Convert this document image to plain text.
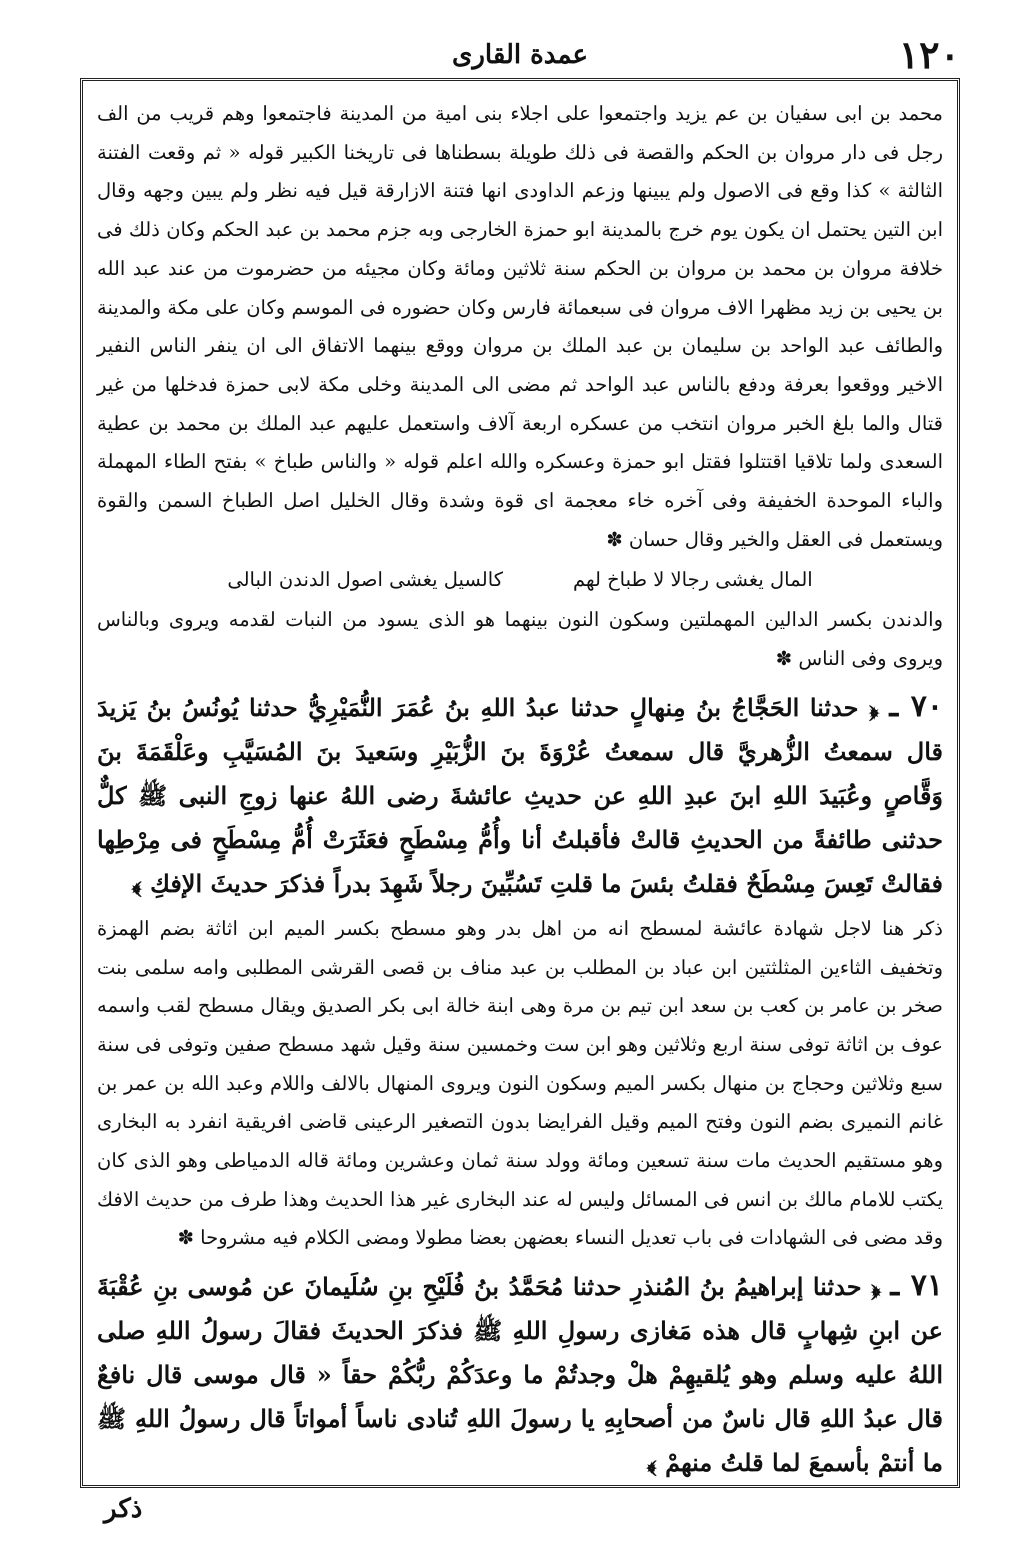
١٢٠
عمدة القارى

محمد بن ابى سفيان بن عم يزيد واجتمعوا على اجلاء بنى امية من المدينة فاجتمعوا وهم قريب من الف رجل فى دار مروان بن الحكم والقصة فى ذلك طويلة بسطناها فى تاريخنا الكبير قوله « ثم وقعت الفتنة الثالثة » كذا وقع فى الاصول ولم يبينها وزعم الداودى انها فتنة الازارقة قيل فيه نظر ولم يبين وجهه وقال ابن التين يحتمل ان يكون يوم خرج بالمدينة ابو حمزة الخارجى وبه جزم محمد بن عبد الحكم وكان ذلك فى خلافة مروان بن محمد بن مروان بن الحكم سنة ثلاثين ومائة وكان مجيئه من حضرموت من عند عبد الله بن يحيى بن زيد مظهرا الاف مروان فى سبعمائة فارس وكان حضوره فى الموسم وكان على مكة والمدينة والطائف عبد الواحد بن سليمان بن عبد الملك بن مروان ووقع بينهما الاتفاق الى ان ينفر الناس النفير الاخير ووقعوا بعرفة ودفع بالناس عبد الواحد ثم مضى الى المدينة وخلى مكة لابى حمزة فدخلها من غير قتال والما بلغ الخبر مروان انتخب من عسكره اربعة آلاف واستعمل عليهم عبد الملك بن محمد بن عطية السعدى ولما تلاقيا اقتتلوا فقتل ابو حمزة وعسكره والله اعلم قوله « والناس طباخ » بفتح الطاء المهملة والباء الموحدة الخفيفة وفى آخره خاء معجمة اى قوة وشدة وقال الخليل اصل الطباخ السمن والقوة ويستعمل فى العقل والخير وقال حسان ✽

المال يغشى رجالا لا طباخ لهم
كالسيل يغشى اصول الدندن البالى

والدندن بكسر الدالين المهملتين وسكون النون بينهما هو الذى يسود من النبات لقدمه ويروى وبالناس ويروى وفى الناس ✽

٧٠ ـ ﴿ حدثنا الحَجَّاجُ بنُ مِنهالٍ حدثنا عبدُ اللهِ بنُ عُمَرَ النُّمَيْرِيُّ حدثنا يُونُسُ بنُ يَزيدَ قال سمعتُ الزُّهريَّ قال سمعتُ عُرْوَةَ بنَ الزُّبَيْرِ وسَعيدَ بنَ المُسَيَّبِ وعَلْقَمَةَ بنَ وَقَّاصٍ وعُبَيدَ اللهِ ابنَ عبدِ اللهِ عن حديثِ عائشةَ رضى اللهُ عنها زوجِ النبى ﷺ كلٌّ حدثنى طائفةً من الحديثِ قالتْ فأقبلتُ أنا وأُمُّ مِسْطَحٍ فعَثَرَتْ أُمُّ مِسْطَحٍ فى مِرْطِها فقالتْ تَعِسَ مِسْطَحٌ فقلتُ بئسَ ما قلتِ تَسُبِّينَ رجلاً شَهِدَ بدراً فذكرَ حديثَ الإفكِ ﴾

ذكر هنا لاجل شهادة عائشة لمسطح انه من اهل بدر وهو مسطح بكسر الميم ابن اثاثة بضم الهمزة وتخفيف الثاءين المثلثتين ابن عباد بن المطلب بن عبد مناف بن قصى القرشى المطلبى وامه سلمى بنت صخر بن عامر بن كعب بن سعد ابن تيم بن مرة وهى ابنة خالة ابى بكر الصديق ويقال مسطح لقب واسمه عوف بن اثاثة توفى سنة اربع وثلاثين وهو ابن ست وخمسين سنة وقيل شهد مسطح صفين وتوفى فى سنة سبع وثلاثين وحجاج بن منهال بكسر الميم وسكون النون ويروى المنهال بالالف واللام وعبد الله بن عمر بن غانم النميرى بضم النون وفتح الميم وقيل الفرايضا بدون التصغير الرعينى قاضى افريقية انفرد به البخارى وهو مستقيم الحديث مات سنة تسعين ومائة وولد سنة ثمان وعشرين ومائة قاله الدمياطى وهو الذى كان يكتب للامام مالك بن انس فى المسائل وليس له عند البخارى غير هذا الحديث وهذا طرف من حديث الافك وقد مضى فى الشهادات فى باب تعديل النساء بعضهن بعضا مطولا ومضى الكلام فيه مشروحا ✽

٧١ ـ ﴿ حدثنا إبراهيمُ بنُ المُنذرِ حدثنا مُحَمَّدُ بنُ فُلَيْحِ بنِ سُلَيمانَ عن مُوسى بنِ عُقْبَةَ عن ابنِ شِهابٍ قال هذه مَغازى رسولِ اللهِ ﷺ فذكرَ الحديثَ فقالَ رسولُ اللهِ صلى اللهُ عليه وسلم وهو يُلقيهِمْ هلْ وجدتُمْ ما وعدَكُمْ ربُّكُمْ حقاً « قال موسى قال نافعٌ قال عبدُ اللهِ قال ناسٌ من أصحابِهِ يا رسولَ اللهِ تُنادى ناساً أمواتاً قال رسولُ اللهِ ﷺ ما أنتمْ بأسمعَ لما قلتُ منهمْ ﴾

ذكر
